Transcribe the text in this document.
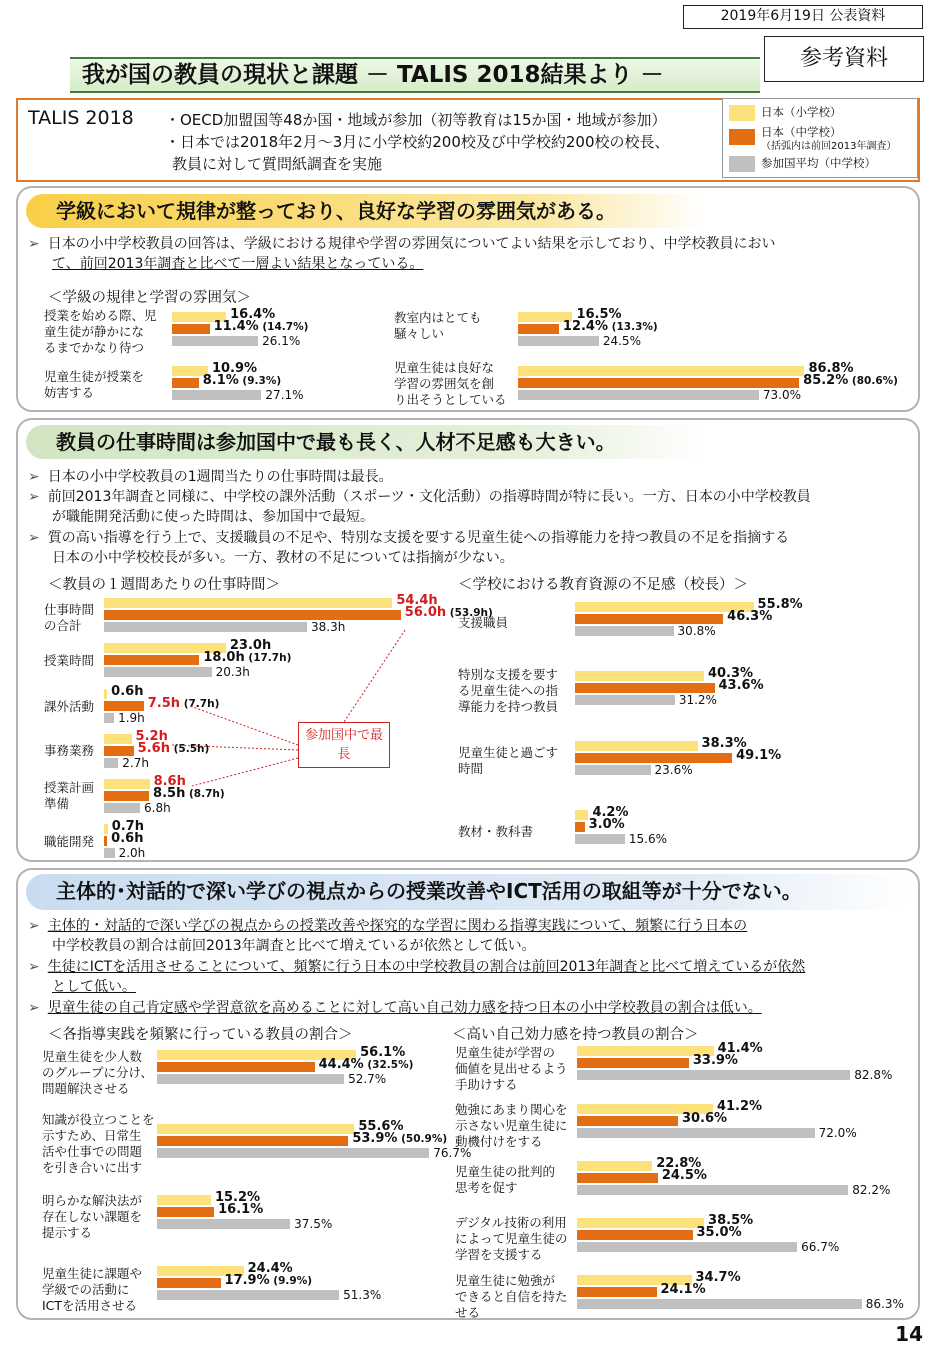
2019年6月19日 公表資料
参考資料
我が国の教員の現状と課題 － TALIS 2018結果より －
TALIS 2018 ・OECD加盟国等48か国・地域が参加（初等教育は15か国・地域が参加）
・日本では2018年2月～3月に小学校約200校及び中学校約200校の校長、
教員に対して質問紙調査を実施
日本（小学校）
日本（中学校）
（括弧内は前回2013年調査）
参加国平均（中学校）
学級において規律が整っており、良好な学習の雰囲気がある。
教員の仕事時間は参加国中で最も長く、人材不足感も大きい。
主体的･対話的で深い学びの視点からの授業改善やICT活用の取組等が十分でない。
➢ 日本の小中学校教員の回答は、学級における規律や学習の雰囲気についてよい結果を示しており、中学校教員におい
て、前回2013年調査と比べて一層よい結果となっている。
＜学級の規律と学習の雰囲気＞
➢ 日本の小中学校教員の1週間当たりの仕事時間は最長。
➢ 前回2013年調査と同様に、中学校の課外活動（スポーツ・文化活動）の指導時間が特に長い。一方、日本の小中学校教員
が職能開発活動に使った時間は、参加国中で最短。
➢ 質の高い指導を行う上で、支援職員の不足や、特別な支援を要する児童生徒への指導能力を持つ教員の不足を指摘する
日本の小中学校校長が多い。一方、教材の不足については指摘が少ない。
＜教員の１週間あたりの仕事時間＞	＜学校における教育資源の不足感（校長）＞
➢ 主体的・対話的で深い学びの視点からの授業改善や探究的な学習に関わる指導実践について、頻繁に行う日本の
中学校教員の割合は前回2013年調査と比べて増えているが依然として低い。
➢ 生徒にICTを活用させることについて、頻繁に行う日本の中学校教員の割合は前回2013年調査と比べて増えているが依然
として低い。
➢ 児童生徒の自己肯定感や学習意欲を高めることに対して高い自己効力感を持つ日本の小中学校教員の割合は低い。
＜各指導実践を頻繁に行っている教員の割合＞	＜高い自己効力感を持つ教員の割合＞
授業を始める際、児
童生徒が静かにな
るまでかなり待つ
16.4%
11.4% (14.7%)
26.1%
児童生徒が授業を
妨害する
10.9%
8.1% (9.3%)
27.1%
教室内はとても
騒々しい
16.5%
12.4% (13.3%)
24.5%
児童生徒は良好な
学習の雰囲気を創
り出そうとしている
86.8%
85.2% (80.6%)
73.0%
仕事時間
の合計
54.4h
56.0h (53.9h)
38.3h
授業時間
23.0h
18.0h (17.7h)
20.3h
課外活動
0.6h
7.5h (7.7h)
1.9h
事務業務
5.2h
5.6h (5.5h)
2.7h
授業計画
準備
8.6h
8.5h (8.7h)
6.8h
職能開発
0.7h
0.6h
2.0h
支援職員
55.8%
46.3%
30.8%
特別な支援を要す
る児童生徒への指
導能力を持つ教員
40.3%
43.6%
31.2%
児童生徒と過ごす
時間
38.3%
49.1%
23.6%
教材・教科書
4.2%
3.0%
15.6%
児童生徒を少人数
のグループに分け、
問題解決させる
56.1%
44.4% (32.5%)
52.7%
知識が役立つことを
示すため、日常生
活や仕事での問題
を引き合いに出す
55.6%
53.9% (50.9%)
76.7%
明らかな解決法が
存在しない課題を
提示する
15.2%
16.1%
37.5%
児童生徒に課題や
学級での活動に
ICTを活用させる
24.4%
17.9% (9.9%)
51.3%
児童生徒が学習の
価値を見出せるよう
手助けする
41.4%
33.9%
82.8%
勉強にあまり関心を
示さない児童生徒に
動機付けをする
41.2%
30.6%
72.0%
児童生徒の批判的
思考を促す
22.8%
24.5%
82.2%
デジタル技術の利用
によって児童生徒の
学習を支援する
38.5%
35.0%
66.7%
児童生徒に勉強が
できると自信を持た
せる
34.7%
24.1%
86.3%
参加国中で最長
14
